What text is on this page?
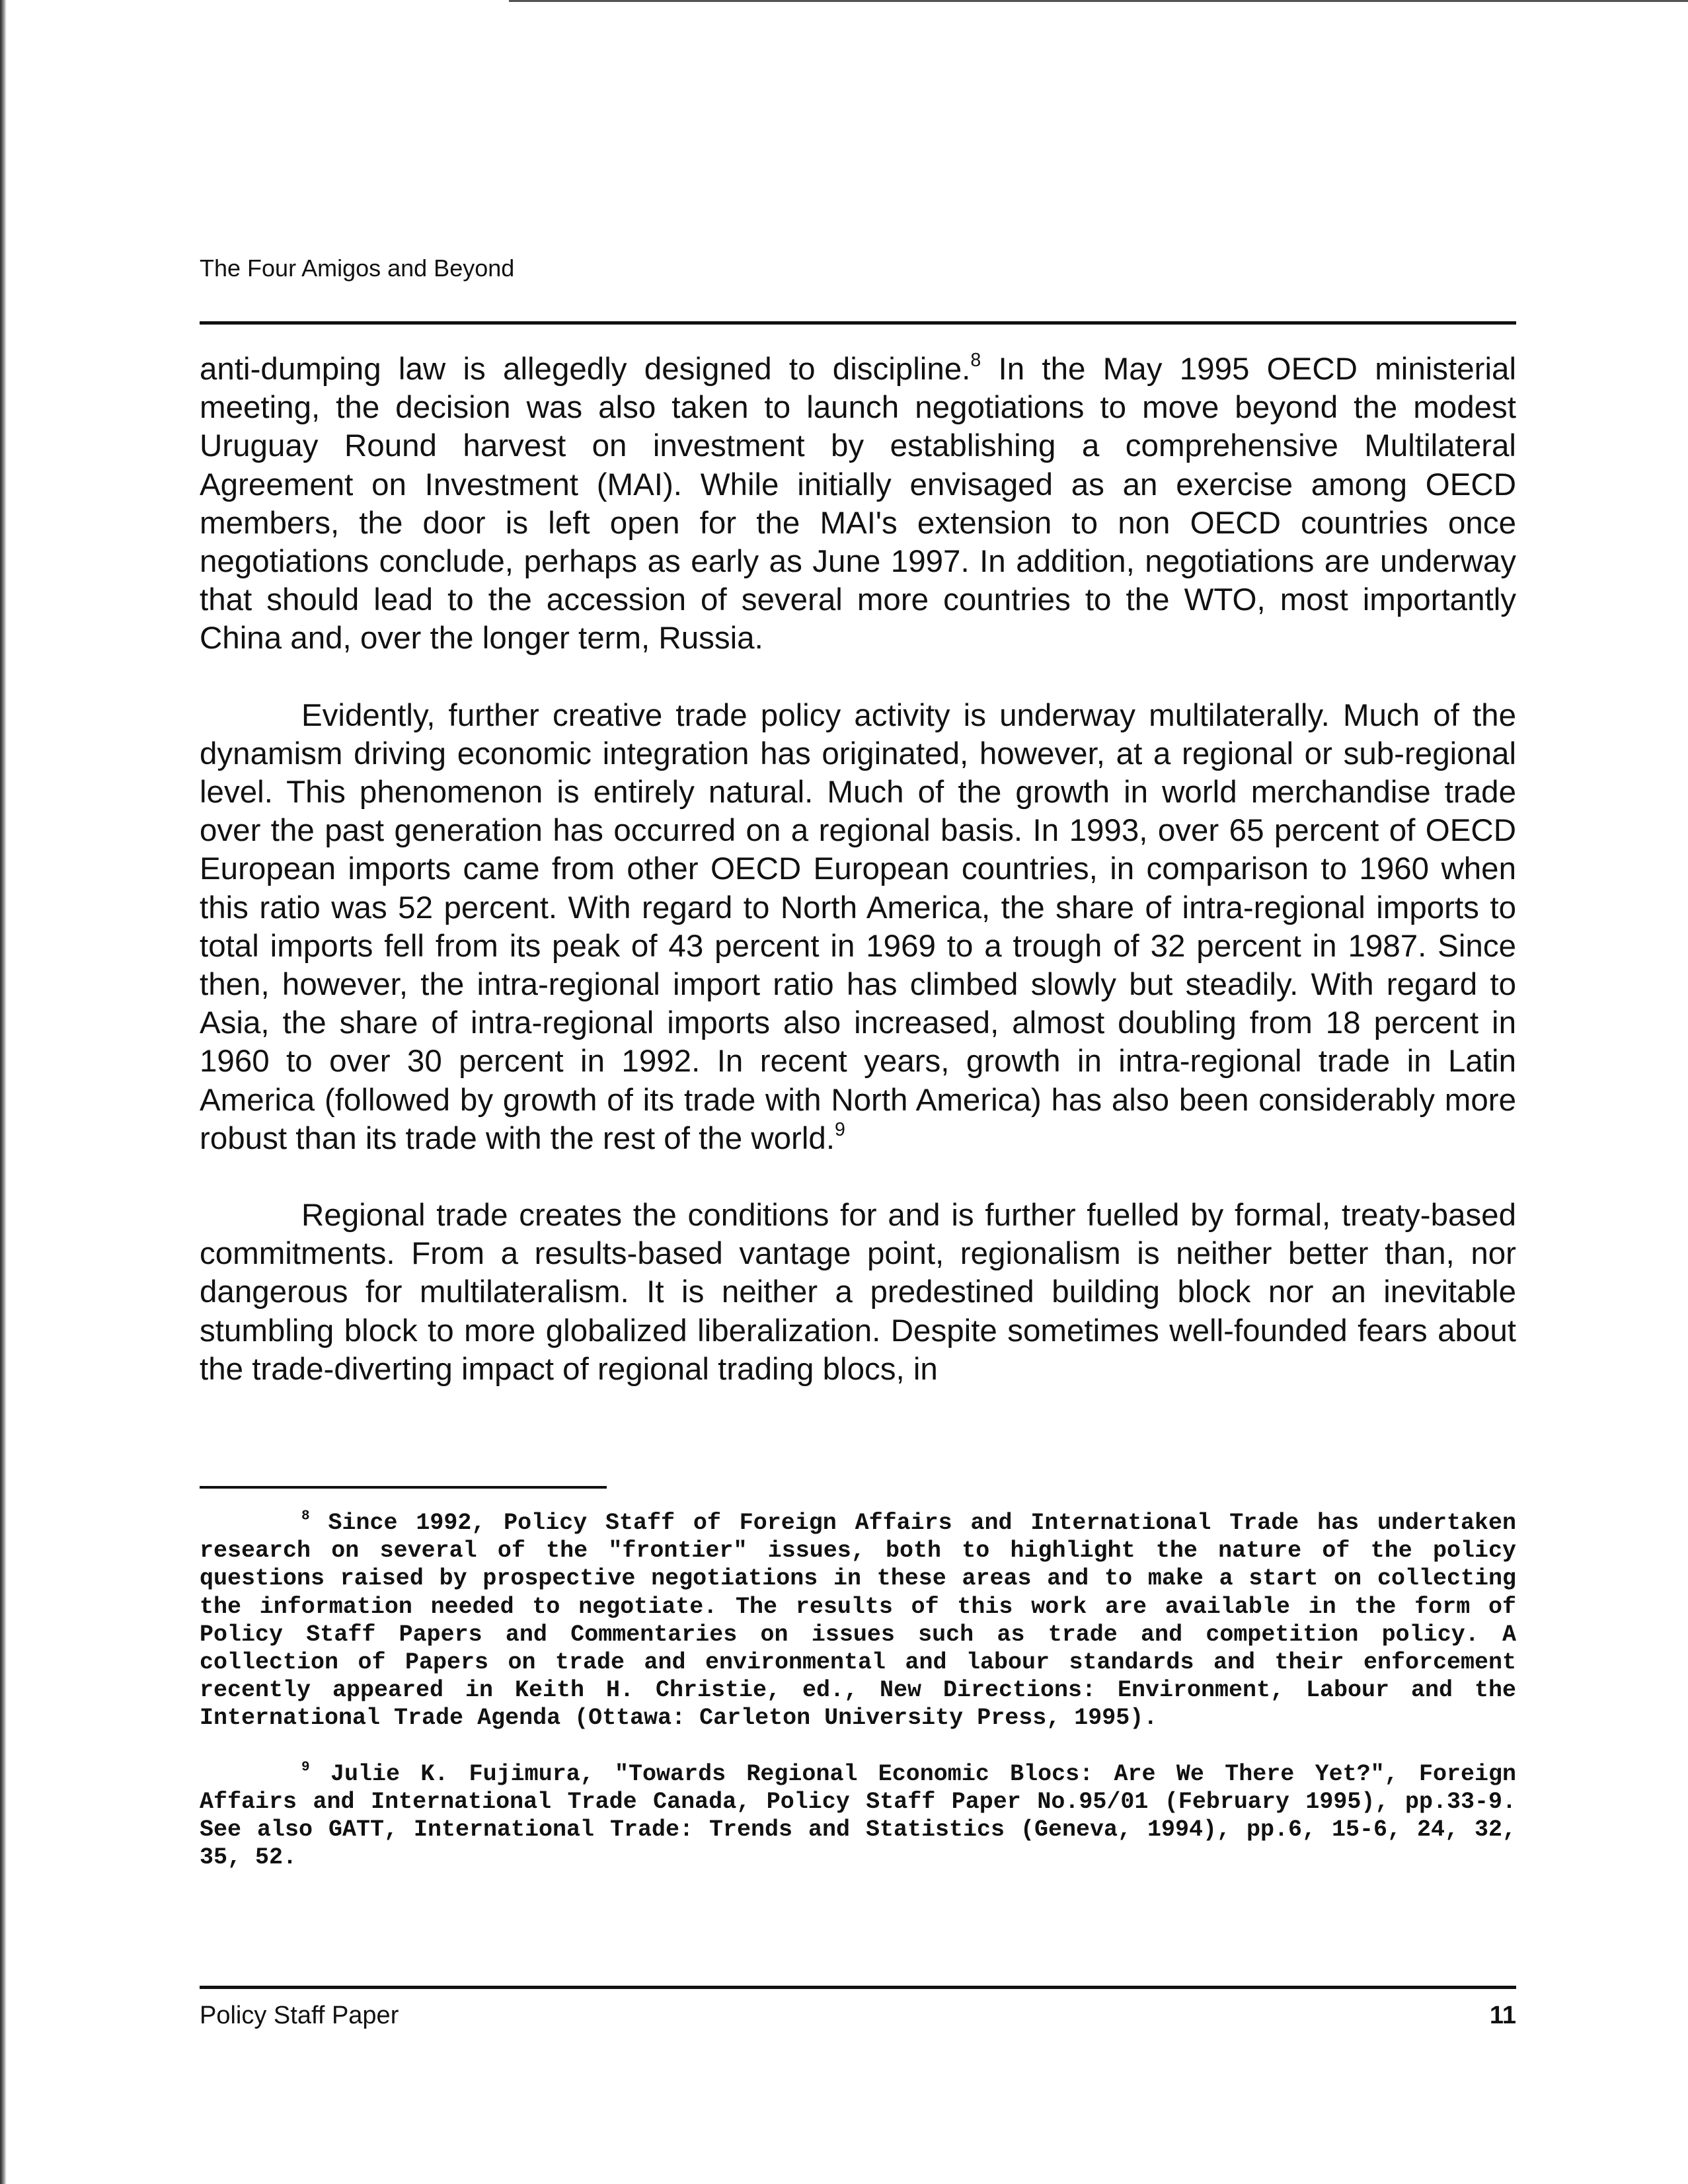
The Four Amigos and Beyond

anti-dumping law is allegedly designed to discipline.$^8$ In the May 1995 OECD ministerial meeting, the decision was also taken to launch negotiations to move beyond the modest Uruguay Round harvest on investment by establishing a comprehensive Multilateral Agreement on Investment (MAI). While initially envisaged as an exercise among OECD members, the door is left open for the MAI's extension to non OECD countries once negotiations conclude, perhaps as early as June 1997. In addition, negotiations are underway that should lead to the accession of several more countries to the WTO, most importantly China and, over the longer term, Russia.

Evidently, further creative trade policy activity is underway multilaterally. Much of the dynamism driving economic integration has originated, however, at a regional or sub-regional level. This phenomenon is entirely natural. Much of the growth in world merchandise trade over the past generation has occurred on a regional basis. In 1993, over 65 percent of OECD European imports came from other OECD European countries, in comparison to 1960 when this ratio was 52 percent. With regard to North America, the share of intra-regional imports to total imports fell from its peak of 43 percent in 1969 to a trough of 32 percent in 1987. Since then, however, the intra-regional import ratio has climbed slowly but steadily. With regard to Asia, the share of intra-regional imports also increased, almost doubling from 18 percent in 1960 to over 30 percent in 1992. In recent years, growth in intra-regional trade in Latin America (followed by growth of its trade with North America) has also been considerably more robust than its trade with the rest of the world.$^9$

Regional trade creates the conditions for and is further fuelled by formal, treaty-based commitments. From a results-based vantage point, regionalism is neither better than, nor dangerous for multilateralism. It is neither a predestined building block nor an inevitable stumbling block to more globalized liberalization. Despite sometimes well-founded fears about the trade-diverting impact of regional trading blocs, in

$^8$ Since 1992, Policy Staff of Foreign Affairs and International Trade has undertaken research on several of the "frontier" issues, both to highlight the nature of the policy questions raised by prospective negotiations in these areas and to make a start on collecting the information needed to negotiate. The results of this work are available in the form of Policy Staff Papers and Commentaries on issues such as trade and competition policy. A collection of Papers on trade and environmental and labour standards and their enforcement recently appeared in Keith H. Christie, ed., New Directions: Environment, Labour and the International Trade Agenda (Ottawa: Carleton University Press, 1995).

$^9$ Julie K. Fujimura, "Towards Regional Economic Blocs: Are We There Yet?", Foreign Affairs and International Trade Canada, Policy Staff Paper No.95/01 (February 1995), pp.33-9. See also GATT, International Trade: Trends and Statistics (Geneva, 1994), pp.6, 15-6, 24, 32, 35, 52.

Policy Staff Paper	11
